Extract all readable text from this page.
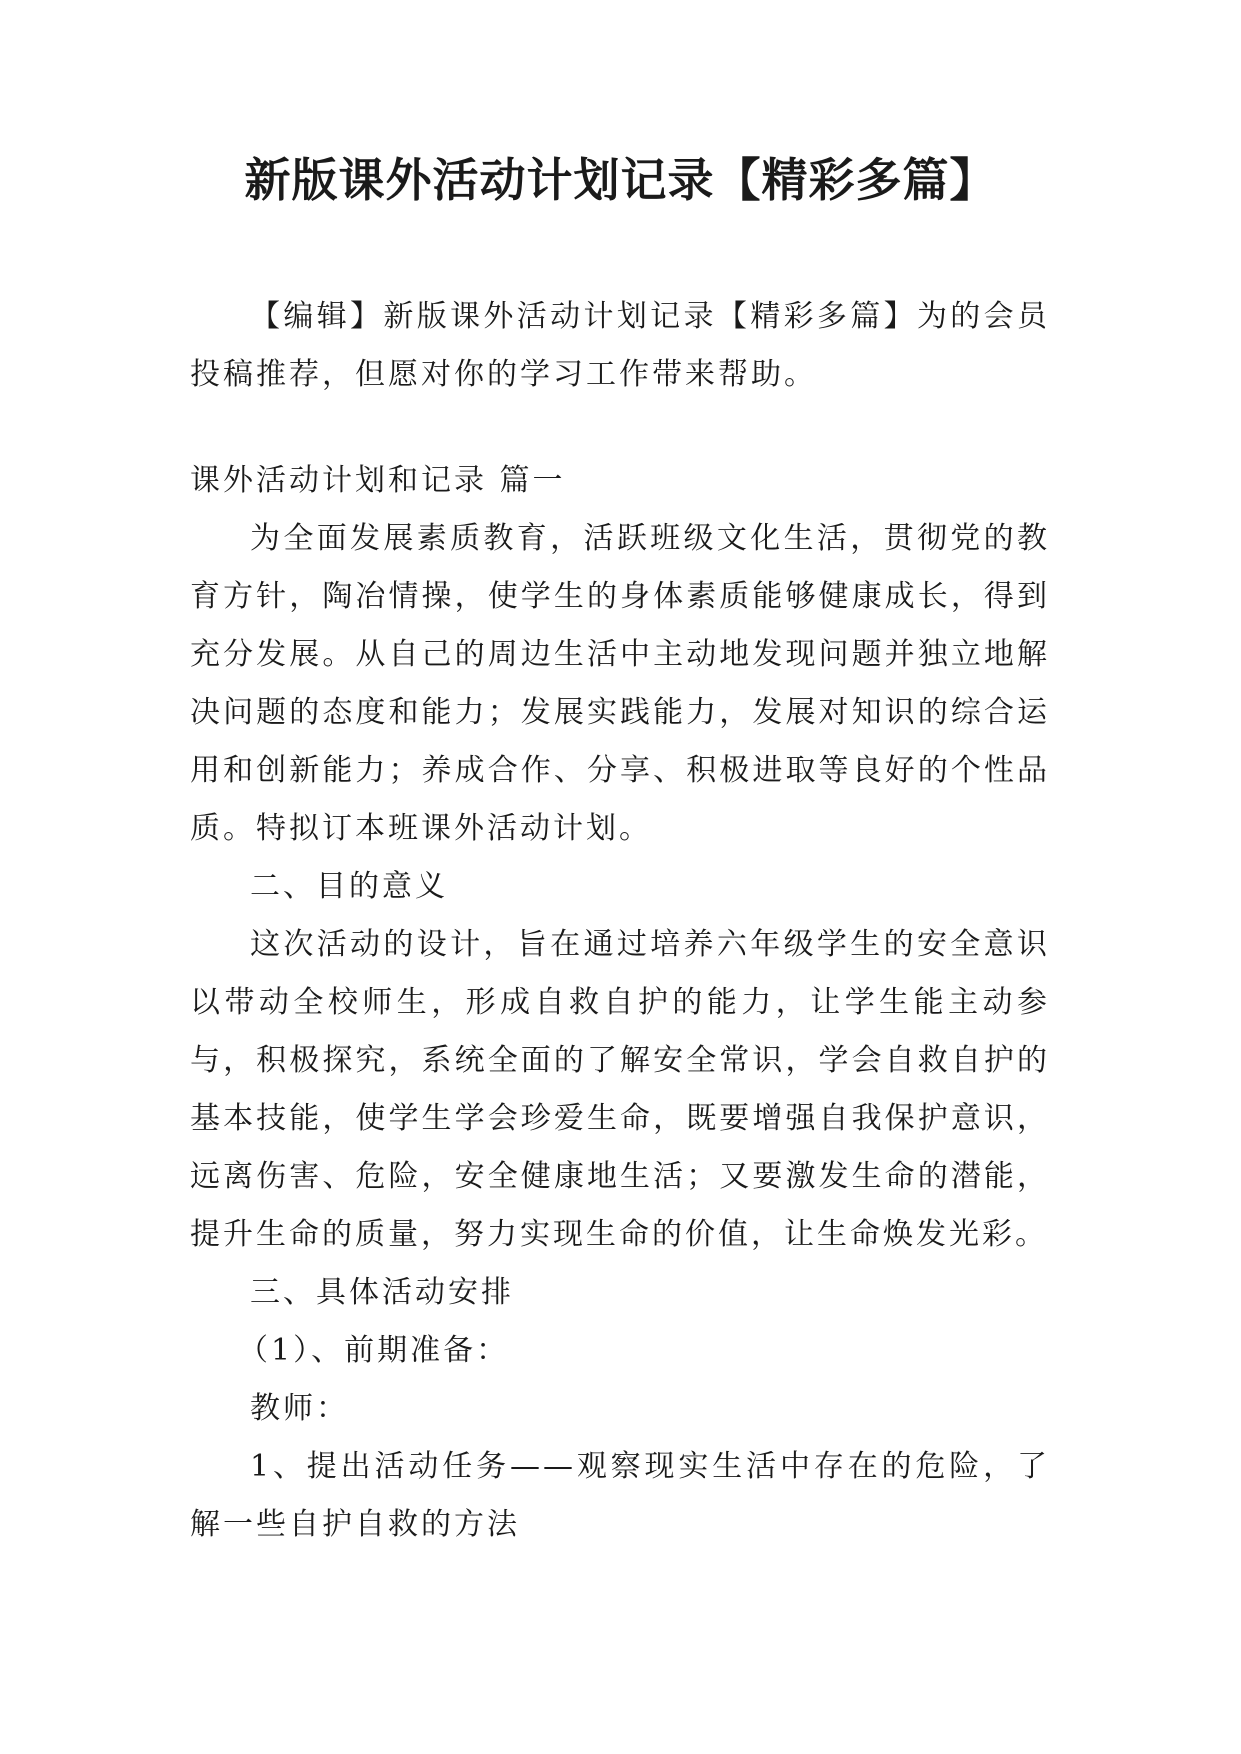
新版课外活动计划记录【精彩多篇】

【编辑】新版课外活动计划记录【精彩多篇】为的会员投稿推荐，但愿对你的学习工作带来帮助。

课外活动计划和记录 篇一

为全面发展素质教育，活跃班级文化生活，贯彻党的教育方针，陶冶情操，使学生的身体素质能够健康成长，得到充分发展。从自己的周边生活中主动地发现问题并独立地解决问题的态度和能力；发展实践能力，发展对知识的综合运用和创新能力；养成合作、分享、积极进取等良好的个性品质。特拟订本班课外活动计划。

二、目的意义

这次活动的设计，旨在通过培养六年级学生的安全意识以带动全校师生，形成自救自护的能力，让学生能主动参与，积极探究，系统全面的了解安全常识，学会自救自护的基本技能，使学生学会珍爱生命，既要增强自我保护意识，远离伤害、危险，安全健康地生活；又要激发生命的潜能，提升生命的质量，努力实现生命的价值，让生命焕发光彩。

三、具体活动安排

（1）、前期准备：

教师：

1、提出活动任务——观察现实生活中存在的危险，了解一些自护自救的方法
